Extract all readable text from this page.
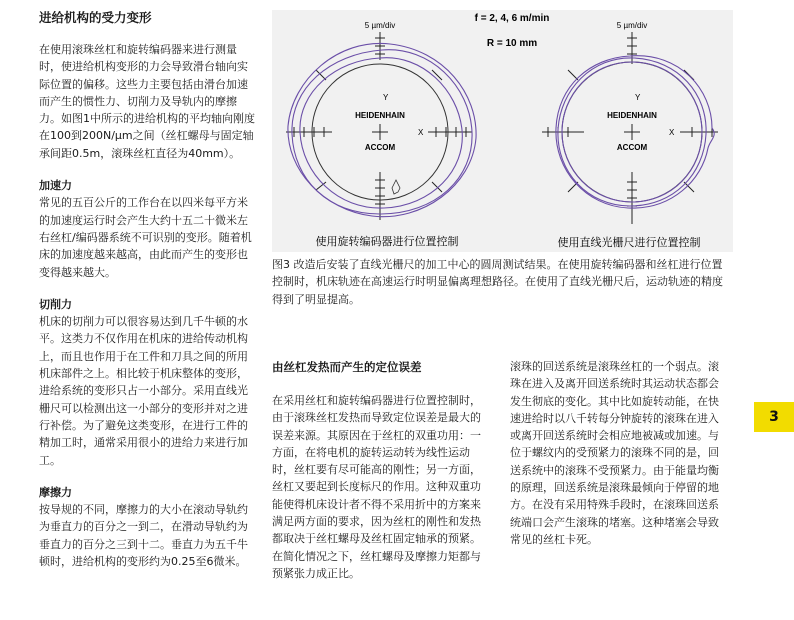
进给机构的受力变形

在使用滚珠丝杠和旋转编码器来进行测量时，使进给机构变形的力会导致滑台轴向实际位置的偏移。这些力主要包括由滑台加速而产生的惯性力、切削力及导轨内的摩擦力。如图1中所示的进给机构的平均轴向刚度在100到200N/μm之间（丝杠螺母与固定轴承间距0.5m，滚珠丝杠直径为40mm）。

加速力

常见的五百公斤的工作台在以四米每平方米的加速度运行时会产生大约十五二十微米左右丝杠/编码器系统不可识别的变形。随着机床的加速度越来越高，由此而产生的变形也变得越来越大。

切削力

机床的切削力可以很容易达到几千牛顿的水平。这类力不仅作用在机床的进给传动机构上，而且也作用于在工件和刀具之间的所用机床部件之上。相比较于机床整体的变形，进给系统的变形只占一小部分。采用直线光栅尺可以检测出这一小部分的变形并对之进行补偿。为了避免这类变形，在进行工件的精加工时，通常采用很小的进给力来进行加工。

摩擦力

按导规的不同，摩擦力的大小在滚动导轨约为垂直力的百分之一到二，在滑动导轨约为垂直力的百分之三到十二。垂直力为五千牛顿时，进给机构的变形约为0.25至6微米。

f = 2, 4, 6 m/min
R = 10 mm
5 µm/div	5 µm/div
HEIDENHAIN
ACCOM
HEIDENHAIN
ACCOM
X	X
Y	Y
使用旋转编码器进行位置控制	使用直线光栅尺进行位置控制
图3 改造后安装了直线光栅尺的加工中心的圆周测试结果。在使用旋转编码器和丝杠进行位置控制时，机床轨迹在高速运行时明显偏离理想路径。在使用了直线光栅尺后，运动轨迹的精度得到了明显提高。
由丝杠发热而产生的定位误差

在采用丝杠和旋转编码器进行位置控制时，由于滚珠丝杠发热而导致定位误差是最大的误差来源。其原因在于丝杠的双重功用：一方面，在将电机的旋转运动转为线性运动时，丝杠要有尽可能高的刚性；另一方面，丝杠又要起到长度标尺的作用。这种双重功能使得机床设计者不得不采用折中的方案来满足两方面的要求，因为丝杠的刚性和发热都取决于丝杠螺母及丝杠固定轴承的预紧。在简化情况之下，丝杠螺母及摩擦力矩都与预紧张力成正比。

滚珠的回送系统是滚珠丝杠的一个弱点。滚珠在进入及离开回送系统时其运动状态都会发生彻底的变化。其中比如旋转动能，在快速进给时以八千转每分钟旋转的滚珠在进入或离开回送系统时会相应地被减或加速。与位于螺纹内的受预紧力的滚珠不同的是，回送系统中的滚珠不受预紧力。由于能量均衡的原理，回送系统是滚珠最倾向于停留的地方。在没有采用特殊手段时，在滚珠回送系统端口会产生滚珠的堵塞。这种堵塞会导致常见的丝杠卡死。

3
